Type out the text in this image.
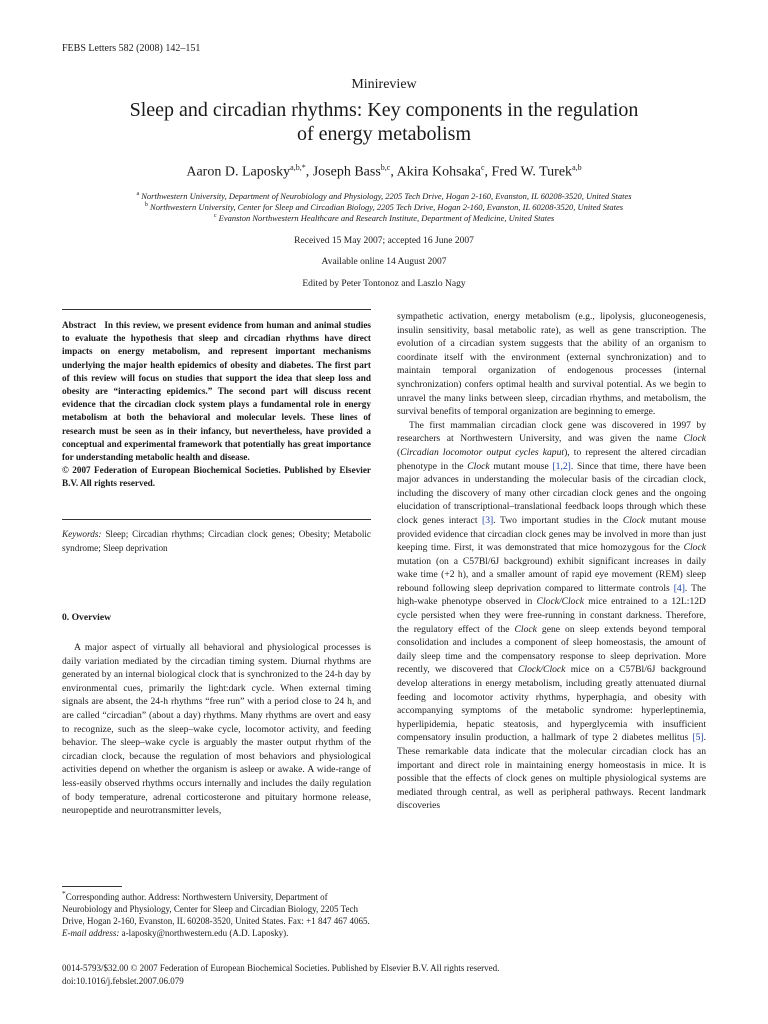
FEBS Letters 582 (2008) 142–151
Minireview
Sleep and circadian rhythms: Key components in the regulation
of energy metabolism
Aaron D. Laposky$^{a,b,*}$, Joseph Bass$^{b,c}$, Akira Kohsaka$^c$, Fred W. Turek$^{a,b}$
$^a$ Northwestern University, Department of Neurobiology and Physiology, 2205 Tech Drive, Hogan 2-160, Evanston, IL 60208-3520, United States
$^b$ Northwestern University, Center for Sleep and Circadian Biology, 2205 Tech Drive, Hogan 2-160, Evanston, IL 60208-3520, United States
$^c$ Evanston Northwestern Healthcare and Research Institute, Department of Medicine, United States
Received 15 May 2007; accepted 16 June 2007
Available online 14 August 2007
Edited by Peter Tontonoz and Laszlo Nagy

Abstract In this review, we present evidence from human and animal studies to evaluate the hypothesis that sleep and circadian rhythms have direct impacts on energy metabolism, and represent important mechanisms underlying the major health epidemics of obesity and diabetes. The first part of this review will focus on studies that support the idea that sleep loss and obesity are “interacting epidemics.” The second part will discuss recent evidence that the circadian clock system plays a fundamental role in energy metabolism at both the behavioral and molecular levels. These lines of research must be seen as in their infancy, but nevertheless, have provided a conceptual and experimental framework that potentially has great importance for understanding metabolic health and disease.

© 2007 Federation of European Biochemical Societies. Published by Elsevier B.V. All rights reserved.

Keywords: Sleep; Circadian rhythms; Circadian clock genes; Obesity; Metabolic syndrome; Sleep deprivation
0. Overview

A major aspect of virtually all behavioral and physiological processes is daily variation mediated by the circadian timing system. Diurnal rhythms are generated by an internal biological clock that is synchronized to the 24-h day by environmental cues, primarily the light:dark cycle. When external timing signals are absent, the 24-h rhythms “free run” with a period close to 24 h, and are called “circadian” (about a day) rhythms. Many rhythms are overt and easy to recognize, such as the sleep–wake cycle, locomotor activity, and feeding behavior. The sleep–wake cycle is arguably the master output rhythm of the circadian clock, because the regulation of most behaviors and physiological activities depend on whether the organism is asleep or awake. A wide-range of less-easily observed rhythms occurs internally and includes the daily regulation of body temperature, adrenal corticosterone and pituitary hormone release, neuropeptide and neurotransmitter levels,

*Corresponding author. Address: Northwestern University, Department of Neurobiology and Physiology, Center for Sleep and Circadian Biology, 2205 Tech Drive, Hogan 2-160, Evanston, IL 60208-3520, United States. Fax: +1 847 467 4065.
E-mail address: a-laposky@northwestern.edu (A.D. Laposky).

sympathetic activation, energy metabolism (e.g., lipolysis, gluconeogenesis, insulin sensitivity, basal metabolic rate), as well as gene transcription. The evolution of a circadian system suggests that the ability of an organism to coordinate itself with the environment (external synchronization) and to maintain temporal organization of endogenous processes (internal synchronization) confers optimal health and survival potential. As we begin to unravel the many links between sleep, circadian rhythms, and metabolism, the survival benefits of temporal organization are beginning to emerge.

The first mammalian circadian clock gene was discovered in 1997 by researchers at Northwestern University, and was given the name Clock (Circadian locomotor output cycles kaput), to represent the altered circadian phenotype in the Clock mutant mouse [1,2]. Since that time, there have been major advances in understanding the molecular basis of the circadian clock, including the discovery of many other circadian clock genes and the ongoing elucidation of transcriptional–translational feedback loops through which these clock genes interact [3]. Two important studies in the Clock mutant mouse provided evidence that circadian clock genes may be involved in more than just keeping time. First, it was demonstrated that mice homozygous for the Clock mutation (on a C57Bl/6J background) exhibit significant increases in daily wake time (+2 h), and a smaller amount of rapid eye movement (REM) sleep rebound following sleep deprivation compared to littermate controls [4]. The high-wake phenotype observed in Clock/Clock mice entrained to a 12L:12D cycle persisted when they were free-running in constant darkness. Therefore, the regulatory effect of the Clock gene on sleep extends beyond temporal consolidation and includes a component of sleep homeostasis, the amount of daily sleep time and the compensatory response to sleep deprivation. More recently, we discovered that Clock/Clock mice on a C57Bl/6J background develop alterations in energy metabolism, including greatly attenuated diurnal feeding and locomotor activity rhythms, hyperphagia, and obesity with accompanying symptoms of the metabolic syndrome: hyperleptinemia, hyperlipidemia, hepatic steatosis, and hyperglycemia with insufficient compensatory insulin production, a hallmark of type 2 diabetes mellitus [5]. These remarkable data indicate that the molecular circadian clock has an important and direct role in maintaining energy homeostasis in mice. It is possible that the effects of clock genes on multiple physiological systems are mediated through central, as well as peripheral pathways. Recent landmark discoveries

0014-5793/$32.00 © 2007 Federation of European Biochemical Societies. Published by Elsevier B.V. All rights reserved.
doi:10.1016/j.febslet.2007.06.079
